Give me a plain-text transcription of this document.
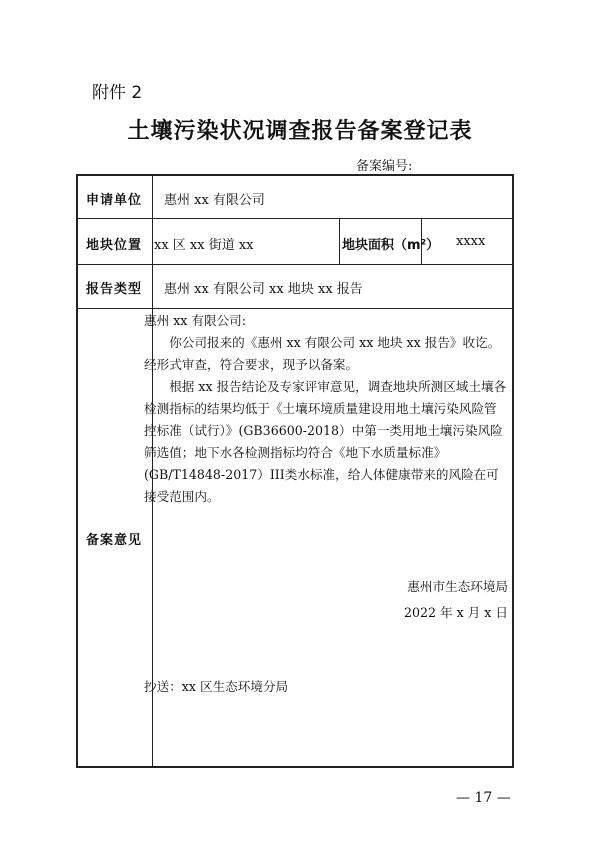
附件 2
土壤污染状况调查报告备案登记表
备案编号:
申请单位 惠州 xx 有限公司
地块位置 xx 区 xx 街道 xx	地块面积（m²） xxxx
报告类型 惠州 xx 有限公司 xx 地块 xx 报告
备案意见

惠州 xx 有限公司:

你公司报来的《惠州 xx 有限公司 xx 地块 xx 报告》收讫。经形式审查，符合要求，现予以备案。

根据 xx 报告结论及专家评审意见，调查地块所测区域土壤各检测指标的结果均低于《土壤环境质量建设用地土壤污染风险管控标准（试行）》(GB36600-2018）中第一类用地土壤污染风险筛选值；地下水各检测指标均符合《地下水质量标准》(GB/T14848-2017）III类水标准，给人体健康带来的风险在可接受范围内。

惠州市生态环境局
2022 年 x 月 x 日
抄送：xx 区生态环境分局
— 17 —
